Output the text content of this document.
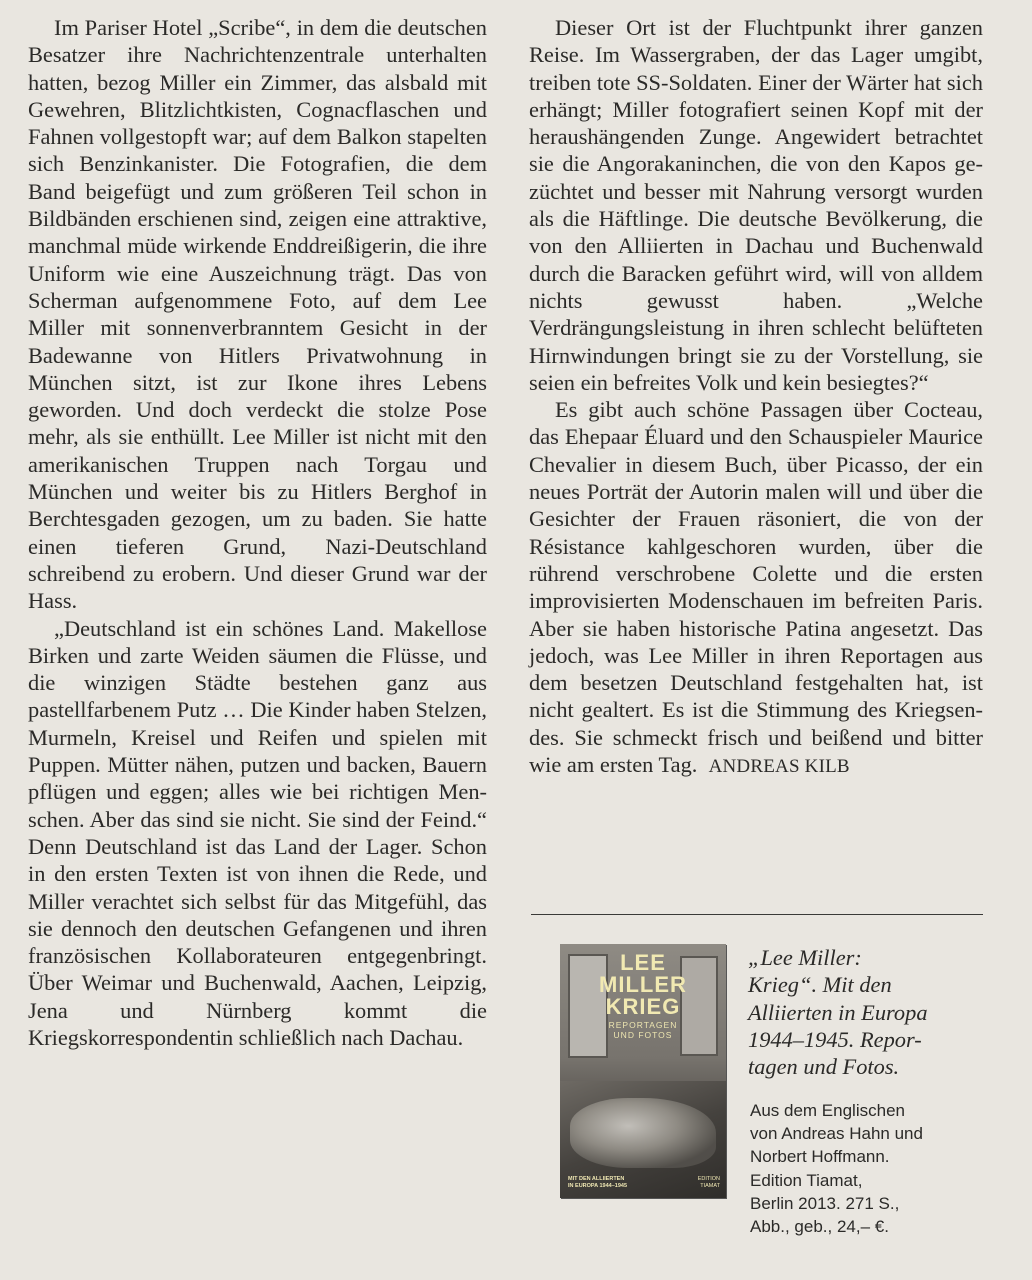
Im Pariser Hotel „Scribe“, in dem die deutschen Besatzer ihre Nachrichtenzentrale unterhalten hatten, bezog Miller ein Zimmer, das alsbald mit Gewehren, Blitzlichtkisten, Cognacflaschen und Fahnen vollgestopft war; auf dem Balkon stapelten sich Benzinkanister. Die Fotografien, die dem Band beigefügt und zum größeren Teil schon in Bildbänden erschienen sind, zeigen eine attraktive, manchmal müde wirkende Enddreißigerin, die ihre Uniform wie eine Auszeichnung trägt. Das von Scherman aufgenommene Foto, auf dem Lee Miller mit sonnenverbranntem Gesicht in der Badewanne von Hitlers Privatwohnung in München sitzt, ist zur Ikone ihres Lebens geworden. Und doch verdeckt die stolze Pose mehr, als sie enthüllt. Lee Miller ist nicht mit den amerikanischen Truppen nach Torgau und München und weiter bis zu Hitlers Berghof in Berchtesgaden gezogen, um zu baden. Sie hatte einen tieferen Grund, Nazi-Deutschland schreibend zu erobern. Und dieser Grund war der Hass.

„Deutschland ist ein schönes Land. Makellose Birken und zarte Weiden säumen die Flüsse, und die winzigen Städte bestehen ganz aus pastellfarbenem Putz … Die Kinder haben Stelzen, Murmeln, Kreisel und Reifen und spielen mit Puppen. Mütter nähen, putzen und backen, Bauern pflügen und eggen; alles wie bei richtigen Menschen. Aber das sind sie nicht. Sie sind der Feind.“ Denn Deutschland ist das Land der Lager. Schon in den ersten Texten ist von ihnen die Rede, und Miller verachtet sich selbst für das Mitgefühl, das sie dennoch den deutschen Gefangenen und ihren französischen Kollaborateuren entgegenbringt. Über Weimar und Buchenwald, Aachen, Leipzig, Jena und Nürnberg kommt die Kriegskorrespondentin schließlich nach Dachau.

Dieser Ort ist der Fluchtpunkt ihrer ganzen Reise. Im Wassergraben, der das Lager umgibt, treiben tote SS-Soldaten. Einer der Wärter hat sich erhängt; Miller fotografiert seinen Kopf mit der heraushängenden Zunge. Angewidert betrachtet sie die Angorakaninchen, die von den Kapos gezüchtet und besser mit Nahrung versorgt wurden als die Häftlinge. Die deutsche Bevölkerung, die von den Alliierten in Dachau und Buchenwald durch die Baracken geführt wird, will von alldem nichts gewusst haben. „Welche Verdrängungsleistung in ihren schlecht belüfteten Hirnwindungen bringt sie zu der Vorstellung, sie seien ein befreites Volk und kein besiegtes?“

Es gibt auch schöne Passagen über Cocteau, das Ehepaar Éluard und den Schauspieler Maurice Chevalier in diesem Buch, über Picasso, der ein neues Porträt der Autorin malen will und über die Gesichter der Frauen räsoniert, die von der Résistance kahlgeschoren wurden, über die rührend verschrobene Colette und die ersten improvisierten Modenschauen im befreiten Paris. Aber sie haben historische Patina angesetzt. Das jedoch, was Lee Miller in ihren Reportagen aus dem besetzen Deutschland festgehalten hat, ist nicht gealtert. Es ist die Stimmung des Kriegsendes. Sie schmeckt frisch und beißend und bitter wie am ersten Tag. ANDREAS KILB

LEE
MILLER
KRIEG
REPORTAGEN
UND FOTOS
MIT DEN ALLIIERTEN
IN EUROPA 1944–1945
EDITION
TIAMAT
„Lee Miller:
Krieg“. Mit den
Alliierten in Europa
1944–1945. Repor-
tagen und Fotos.
Aus dem Englischen
von Andreas Hahn und
Norbert Hoffmann.
Edition Tiamat,
Berlin 2013. 271 S.,
Abb., geb., 24,– €.
